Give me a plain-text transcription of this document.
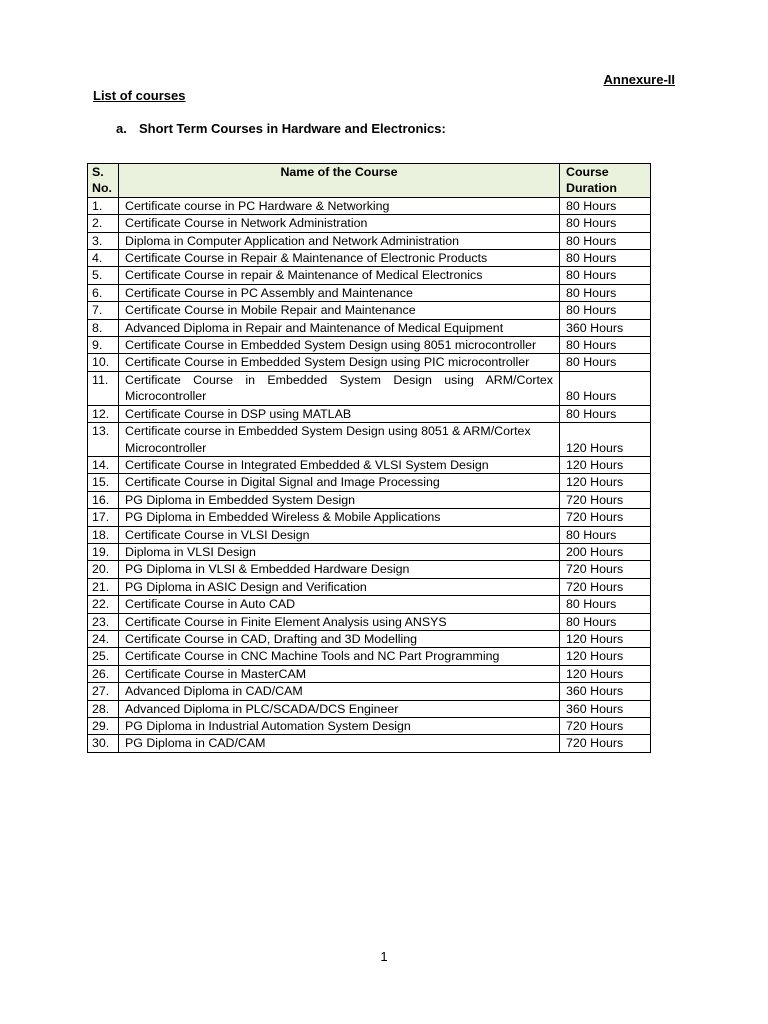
Annexure-II
List of courses
a. Short Term Courses in Hardware and Electronics:
S. No.	Name of the Course	Course Duration
1.	Certificate course in PC Hardware & Networking	80 Hours
2.	Certificate Course in Network Administration	80 Hours
3.	Diploma in Computer Application and Network Administration	80 Hours
4.	Certificate Course in Repair & Maintenance of Electronic Products	80 Hours
5.	Certificate Course in repair & Maintenance of Medical Electronics	80 Hours
6.	Certificate Course in PC Assembly and Maintenance	80 Hours
7.	Certificate Course in Mobile Repair and Maintenance	80 Hours
8.	Advanced Diploma in Repair and Maintenance of Medical Equipment	360 Hours
9.	Certificate Course in Embedded System Design using 8051 microcontroller	80 Hours
10.	Certificate Course in Embedded System Design using PIC microcontroller	80 Hours
11.	Certificate Course in Embedded System Design using ARM/Cortex Microcontroller	80 Hours
12.	Certificate Course in DSP using MATLAB	80 Hours
13.	Certificate course in Embedded System Design using 8051 & ARM/Cortex Microcontroller	120 Hours
14.	Certificate Course in Integrated Embedded & VLSI System Design	120 Hours
15.	Certificate Course in Digital Signal and Image Processing	120 Hours
16.	PG Diploma in Embedded System Design	720 Hours
17.	PG Diploma in Embedded Wireless & Mobile Applications	720 Hours
18.	Certificate Course in VLSI Design	80 Hours
19.	Diploma in VLSI Design	200 Hours
20.	PG Diploma in VLSI & Embedded Hardware Design	720 Hours
21.	PG Diploma in ASIC Design and Verification	720 Hours
22.	Certificate Course in Auto CAD	80 Hours
23.	Certificate Course in Finite Element Analysis using ANSYS	80 Hours
24.	Certificate Course in CAD, Drafting and 3D Modelling	120 Hours
25.	Certificate Course in CNC Machine Tools and NC Part Programming	120 Hours
26.	Certificate Course in MasterCAM	120 Hours
27.	Advanced Diploma in CAD/CAM	360 Hours
28.	Advanced Diploma in PLC/SCADA/DCS Engineer	360 Hours
29.	PG Diploma in Industrial Automation System Design	720 Hours
30.	PG Diploma in CAD/CAM	720 Hours
1
